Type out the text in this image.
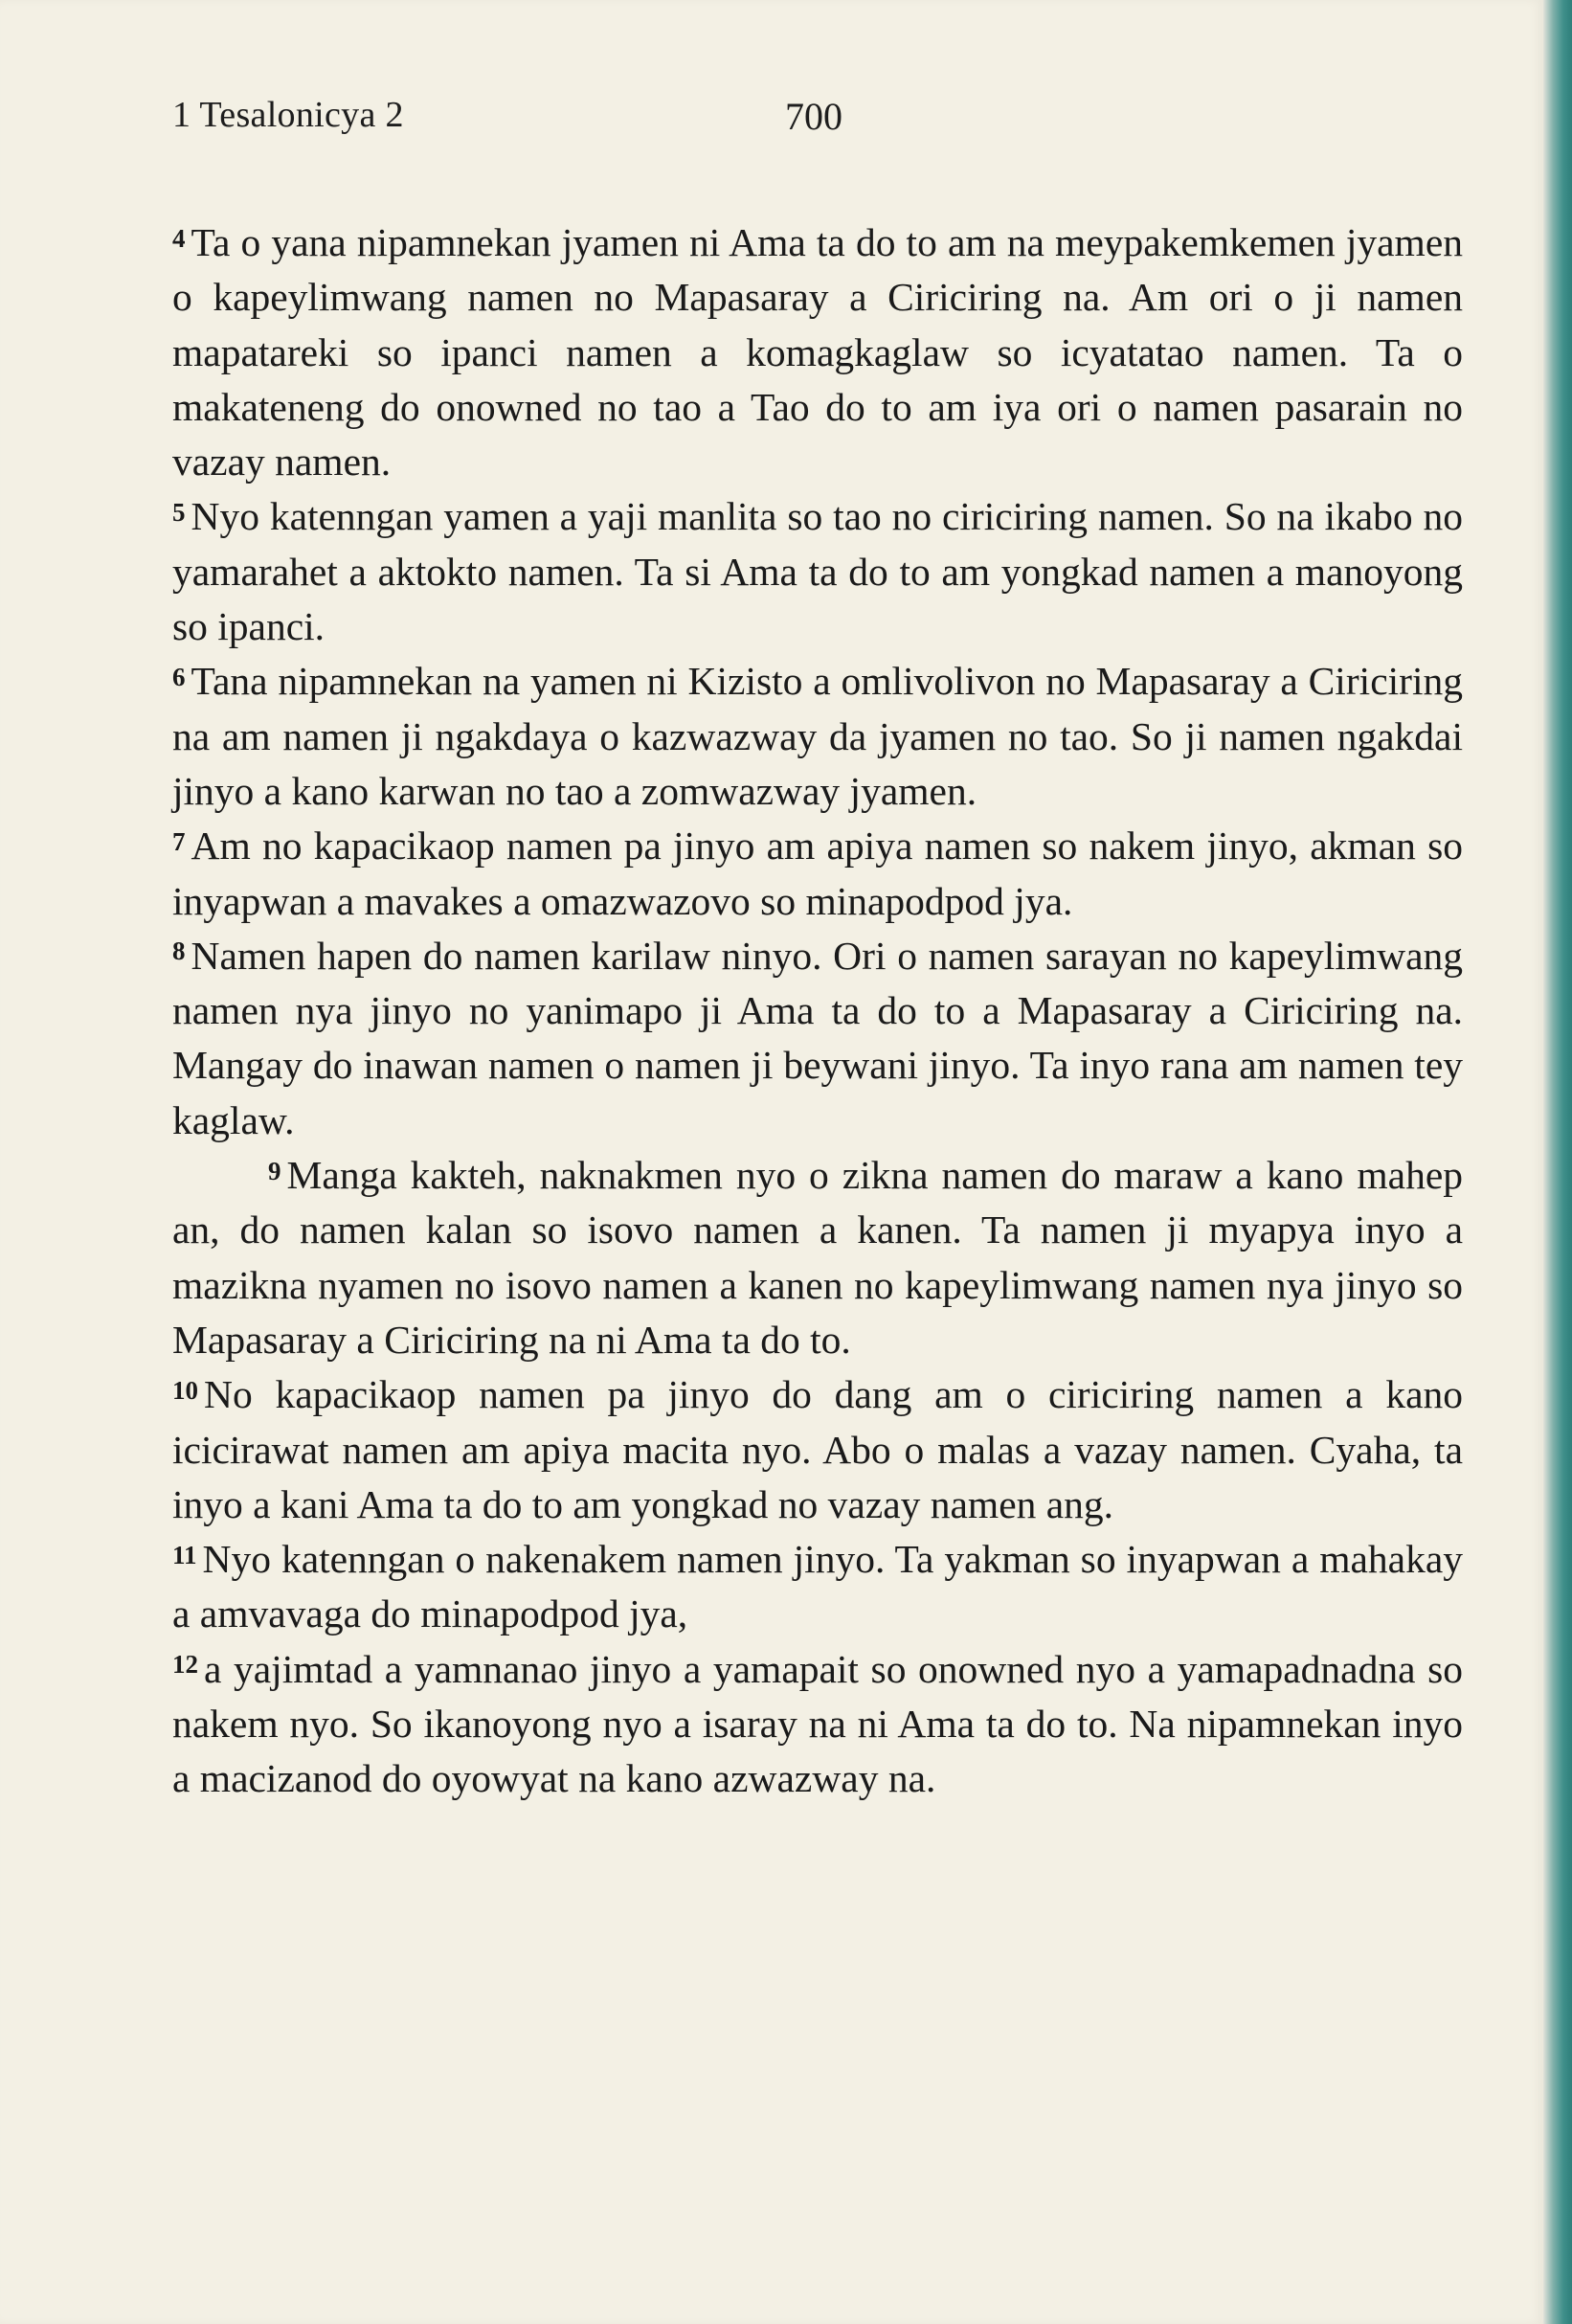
1 Tesalonicya 2	700

$^4$ Ta o yana nipamnekan jyamen ni Ama ta do to am na meypakemkemen jyamen o kapeylimwang namen no Mapasaray a Ciriciring na. Am ori o ji namen mapatareki so ipanci namen a komagkaglaw so icyatatao namen. Ta o makateneng do onowned no tao a Tao do to am iya ori o namen pasarain no vazay namen.

$^5$ Nyo katenngan yamen a yaji manlita so tao no ciriciring namen. So na ikabo no yamarahet a aktokto namen. Ta si Ama ta do to am yongkad namen a manoyong so ipanci.

$^6$ Tana nipamnekan na yamen ni Kizisto a omlivolivon no Mapasaray a Ciriciring na am namen ji ngakdaya o kazwazway da jyamen no tao. So ji namen ngakdai jinyo a kano karwan no tao a zomwazway jyamen.

$^7$ Am no kapacikaop namen pa jinyo am apiya namen so nakem jinyo, akman so inyapwan a mavakes a omazwazovo so minapodpod jya.

$^8$ Namen hapen do namen karilaw ninyo. Ori o namen sarayan no kapeylimwang namen nya jinyo no yanimapo ji Ama ta do to a Mapasaray a Ciriciring na. Mangay do inawan namen o namen ji beywani jinyo. Ta inyo rana am namen tey kaglaw.

$^9$ Manga kakteh, naknakmen nyo o zikna namen do maraw a kano mahep an, do namen kalan so isovo namen a kanen. Ta namen ji myapya inyo a mazikna nyamen no isovo namen a kanen no kapeylimwang namen nya jinyo so Mapasaray a Ciriciring na ni Ama ta do to.

$^{10}$ No kapacikaop namen pa jinyo do dang am o ciriciring namen a kano icicirawat namen am apiya macita nyo. Abo o malas a vazay namen. Cyaha, ta inyo a kani Ama ta do to am yongkad no vazay namen ang.

$^{11}$ Nyo katenngan o nakenakem namen jinyo. Ta yakman so inyapwan a mahakay a amvavaga do minapodpod jya,

$^{12}$ a yajimtad a yamnanao jinyo a yamapait so onowned nyo a yamapadnadna so nakem nyo. So ikanoyong nyo a isaray na ni Ama ta do to. Na nipamnekan inyo a macizanod do oyowyat na kano azwazway na.
